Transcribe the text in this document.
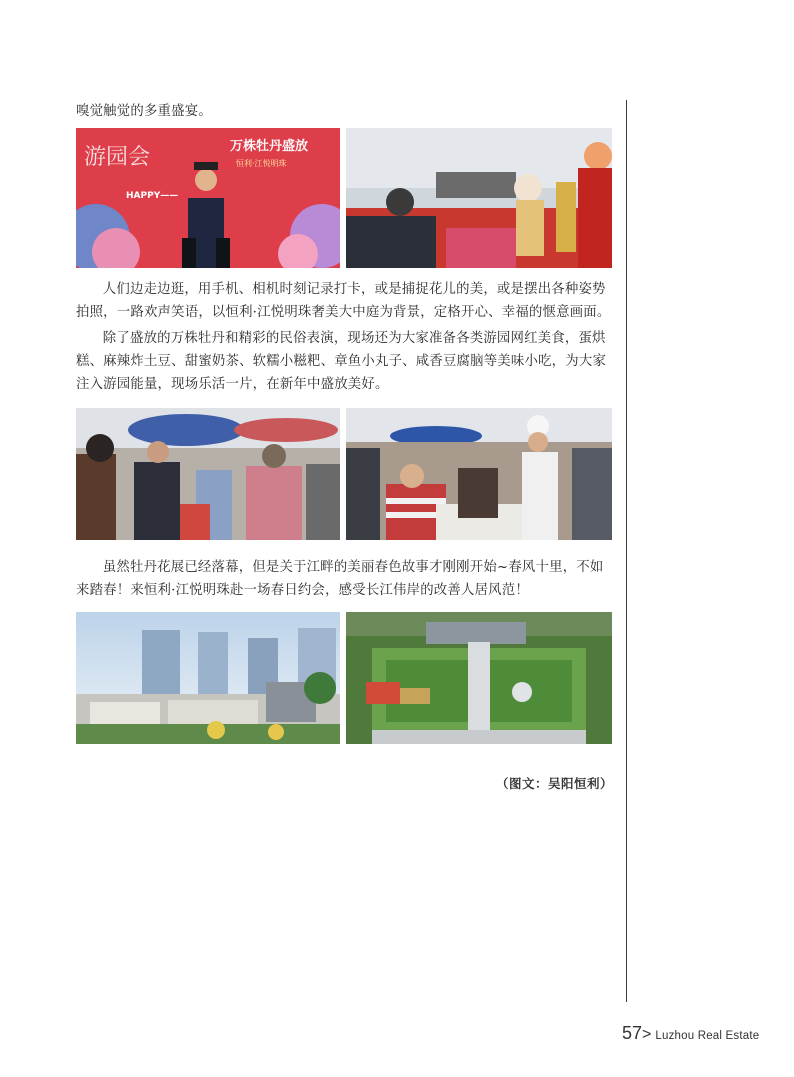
嗅觉触觉的多重盛宴。

游园会	万株牡丹盛放
恒利·江悦明珠
HAPPY——

人们边走边逛，用手机、相机时刻记录打卡，或是捕捉花儿的美，或是摆出各种姿势拍照，一路欢声笑语，以恒利·江悦明珠奢美大中庭为背景，定格开心、幸福的惬意画面。

除了盛放的万株牡丹和精彩的民俗表演，现场还为大家准备各类游园网红美食，蛋烘糕、麻辣炸土豆、甜蜜奶茶、软糯小糍粑、章鱼小丸子、咸香豆腐脑等美味小吃，为大家注入游园能量，现场乐活一片，在新年中盛放美好。

虽然牡丹花展已经落幕，但是关于江畔的美丽春色故事才刚刚开始~春风十里，不如来踏春！来恒利·江悦明珠赴一场春日约会，感受长江伟岸的改善人居风范！

（图文：吴阳恒利）
57> Luzhou Real Estate
